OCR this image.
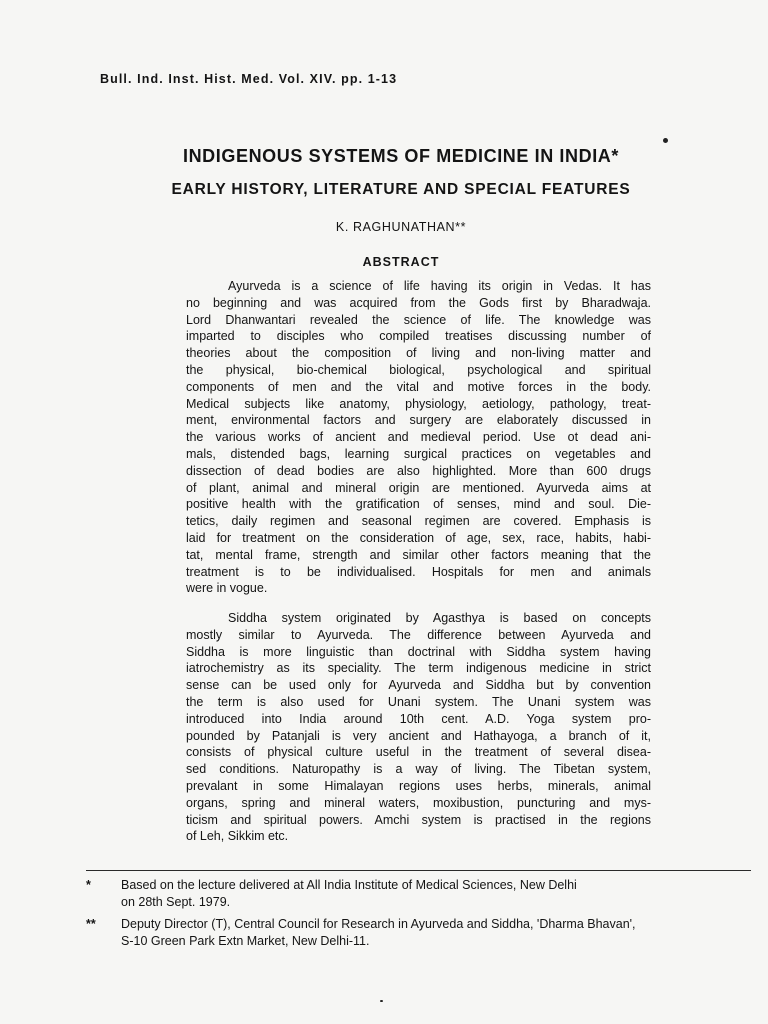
Bull. Ind. Inst. Hist. Med. Vol. XIV. pp. 1-13
INDIGENOUS SYSTEMS OF MEDICINE IN INDIA*
EARLY HISTORY, LITERATURE AND SPECIAL FEATURES
K. RAGHUNATHAN**
ABSTRACT
Ayurveda is a science of life having its origin in Vedas. It has
no beginning and was acquired from the Gods first by Bharadwaja.
Lord Dhanwantari revealed the science of life. The knowledge was
imparted to disciples who compiled treatises discussing number of
theories about the composition of living and non-living matter and
the physical, bio-chemical biological, psychological and spiritual
components of men and the vital and motive forces in the body.
Medical subjects like anatomy, physiology, aetiology, pathology, treat-
ment, environmental factors and surgery are elaborately discussed in
the various works of ancient and medieval period. Use ot dead ani-
mals, distended bags, learning surgical practices on vegetables and
dissection of dead bodies are also highlighted. More than 600 drugs
of plant, animal and mineral origin are mentioned. Ayurveda aims at
positive health with the gratification of senses, mind and soul. Die-
tetics, daily regimen and seasonal regimen are covered. Emphasis is
laid for treatment on the consideration of age, sex, race, habits, habi-
tat, mental frame, strength and similar other factors meaning that the
treatment is to be individualised. Hospitals for men and animals
were in vogue.
Siddha system originated by Agasthya is based on concepts
mostly similar to Ayurveda. The difference between Ayurveda and
Siddha is more linguistic than doctrinal with Siddha system having
iatrochemistry as its speciality. The term indigenous medicine in strict
sense can be used only for Ayurveda and Siddha but by convention
the term is also used for Unani system. The Unani system was
introduced into India around 10th cent. A.D. Yoga system pro-
pounded by Patanjali is very ancient and Hathayoga, a branch of it,
consists of physical culture useful in the treatment of several disea-
sed conditions. Naturopathy is a way of living. The Tibetan system,
prevalant in some Himalayan regions uses herbs, minerals, animal
organs, spring and mineral waters, moxibustion, puncturing and mys-
ticism and spiritual powers. Amchi system is practised in the regions
of Leh, Sikkim etc.
* Based on the lecture delivered at All India Institute of Medical Sciences, New Delhi
on 28th Sept. 1979.
** Deputy Director (T), Central Council for Research in Ayurveda and Siddha, 'Dharma Bhavan',
S-10 Green Park Extn Market, New Delhi-11.
